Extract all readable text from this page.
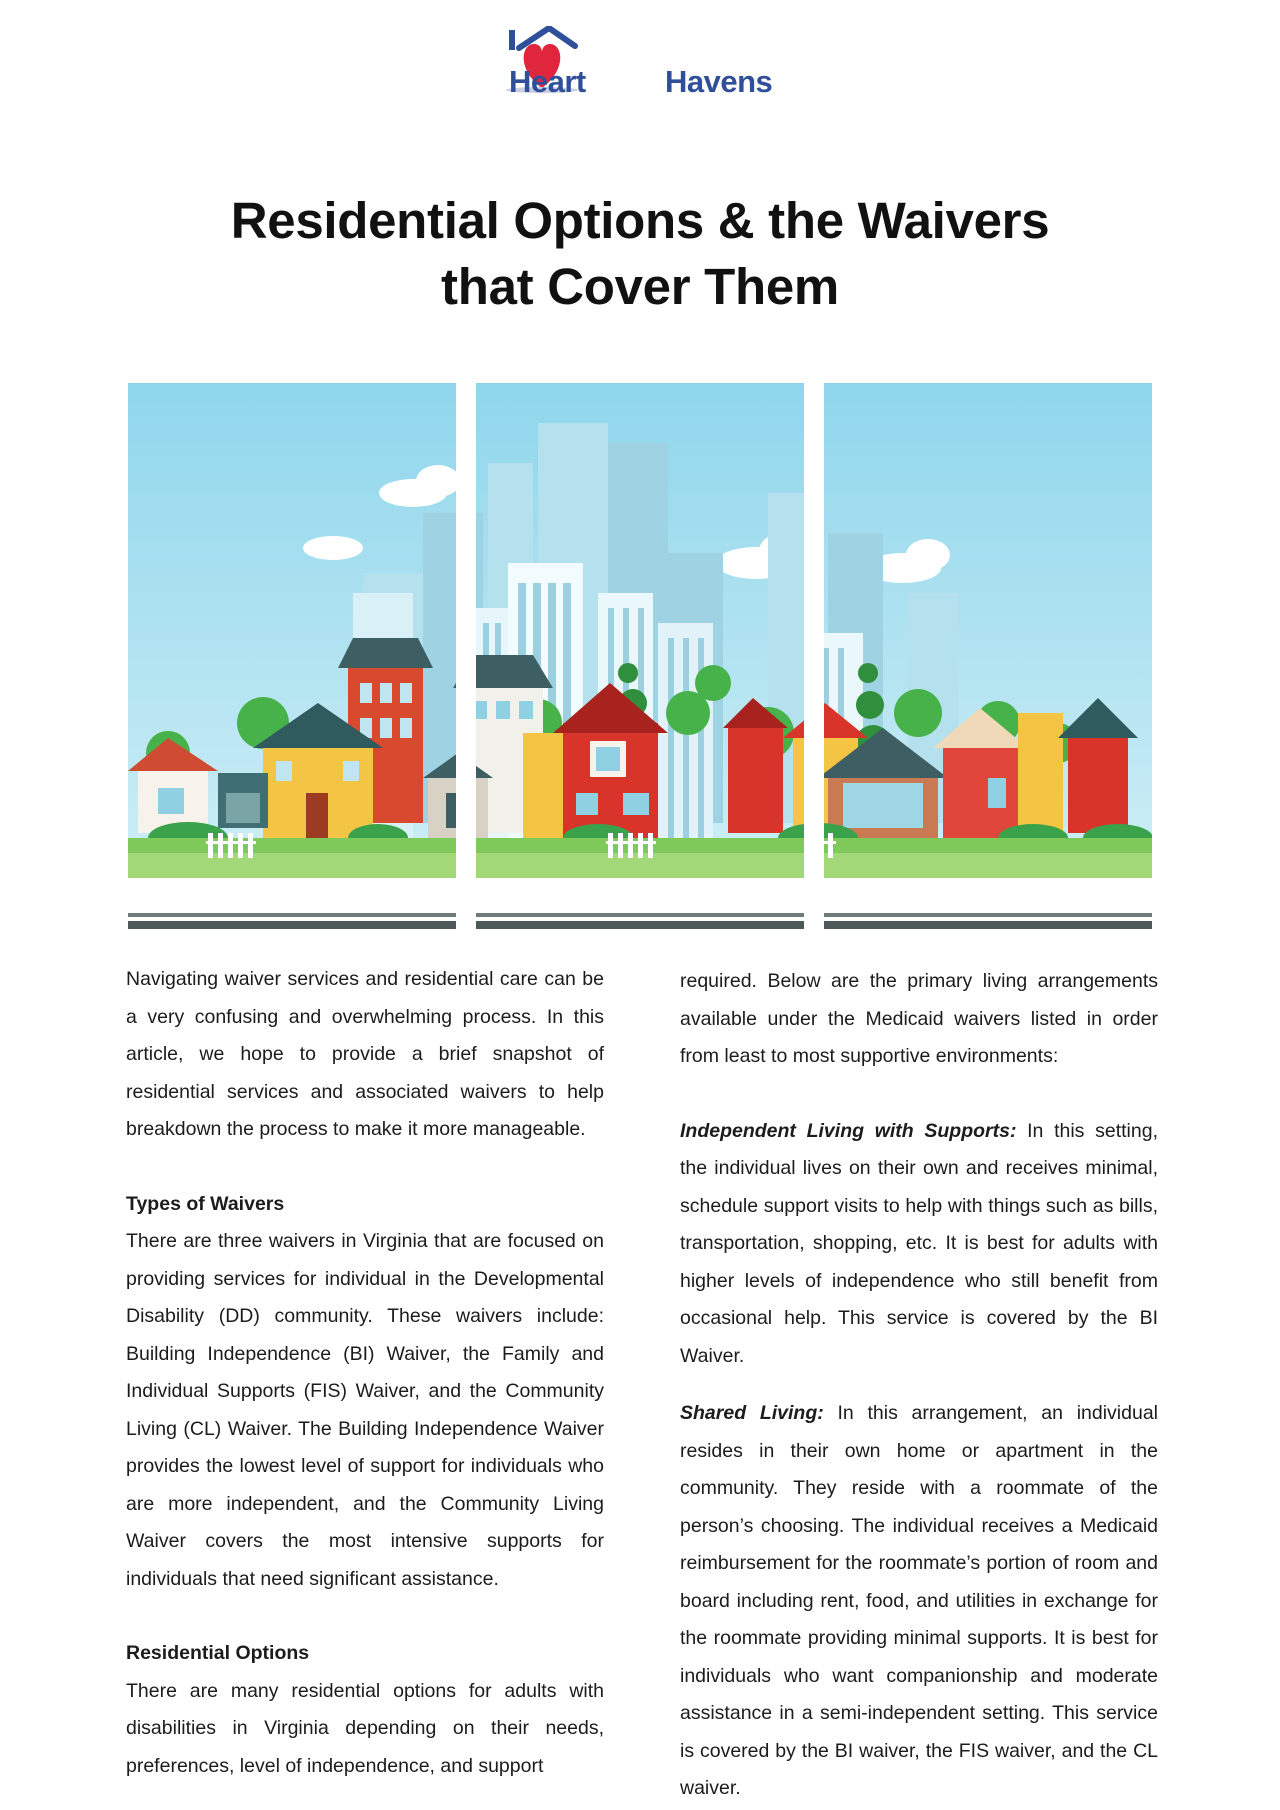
Heart	Havens
Residential Options & the Waivers
that Cover Them

Navigating waiver services and residential care can be a very confusing and overwhelming process. In this article, we hope to provide a brief snapshot of residential services and associated waivers to help breakdown the process to make it more manageable.

Types of Waivers

There are three waivers in Virginia that are focused on providing services for individual in the Developmental Disability (DD) community. These waivers include: Building Independence (BI) Waiver, the Family and Individual Supports (FIS) Waiver, and the Community Living (CL) Waiver. The Building Independence Waiver provides the lowest level of support for individuals who are more independent, and the Community Living Waiver covers the most intensive supports for individuals that need significant assistance.

Residential Options

There are many residential options for adults with disabilities in Virginia depending on their needs, preferences, level of independence, and support

required. Below are the primary living arrangements available under the Medicaid waivers listed in order from least to most supportive environments:

Independent Living with Supports: In this setting, the individual lives on their own and receives minimal, schedule support visits to help with things such as bills, transportation, shopping, etc. It is best for adults with higher levels of independence who still benefit from occasional help. This service is covered by the BI Waiver.

Shared Living: In this arrangement, an individual resides in their own home or apartment in the community. They reside with a roommate of the person’s choosing. The individual receives a Medicaid reimbursement for the roommate’s portion of room and board including rent, food, and utilities in exchange for the roommate providing minimal supports. It is best for individuals who want companionship and moderate assistance in a semi-independent setting. This service is covered by the BI waiver, the FIS waiver, and the CL waiver.
